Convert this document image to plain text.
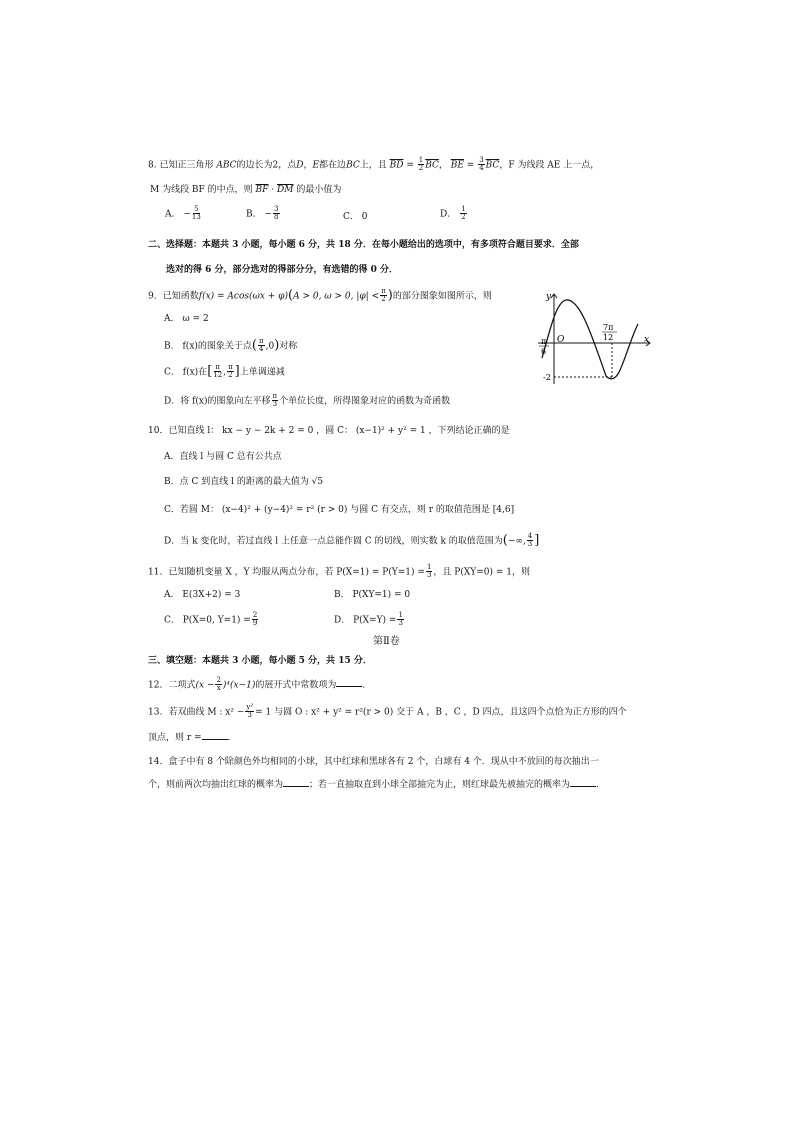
8. 已知正三角形 ABC的边长为2，点D，E都在边BC上，且 $\overline{BD} = \frac{1}{2} \overline{BC}$， $\overline{BE} = \frac{3}{4} \overline{BC}$，F 为线段 AE 上一点，
M 为线段 BF 的中点，则 $\overline{BF} \cdot \overline{DM}$ 的最小值为
A． − $\frac{5}{13}$	B． − $\frac{3}{8}$	C． 0	D． $\frac{1}{2}$
二、选择题：本题共 3 小题，每小题 6 分，共 18 分．在每小题给出的选项中，有多项符合题目要求．全部
选对的得 6 分，部分选对的得部分分，有选错的得 0 分．
9．已知函数f(x) = Acos(ωx + φ)(A > 0, ω > 0, $|\varphi| < \frac{\pi}{2}$ )的部分图象如图所示，则
A． ω = 2
B． f(x)的图象关于点( $\frac{\pi}{4} ,0$)对称
C． f(x)在[ $\frac{\pi}{12}$ , $\frac{\pi}{2}$ ]上单调递减
D．将 f(x)的图象向左平移 $\frac{\pi}{3}$ 个单位长度，所得图象对应的函数为奇函数
y
x
O
π
6
7π
12
-2
10．已知直线 l： kx − y − 2k + 2 = 0 ，圆 C： (x−1)² + y² = 1 ，下列结论正确的是
A．直线 l 与圆 C 总有公共点
B．点 C 到直线 l 的距离的最大值为 √5
C．若圆 M： (x−4)² + (y−4)² = r² (r > 0) 与圆 C 有交点，则 r 的取值范围是 [4,6]
D．当 k 变化时，若过直线 l 上任意一点总能作圆 C 的切线，则实数 k 的取值范围为(−∞, $\frac{4}{3}$ ]
11．已知随机变量 X ，Y 均服从两点分布，若 $P(X=1) = P(Y=1) = \frac{1}{3}$ ，且 P(XY=0) = 1，则
A． E(3X+2) = 3	B． P(XY=1) = 0
C． P(X=0, $Y=1) = \frac{2}{9}$	D． $P(X=Y) = \frac{1}{3}$
第Ⅱ卷
三、填空题：本题共 3 小题，每小题 5 分，共 15 分．
12．二项式$(x - \frac{2}{x} )^4(x-1)$的展开式中常数项为	．
13．若双曲线 M : $x^2 - \frac{\text{y²}}{3} = 1$ 与圆 O : x² + y² = r²(r > 0) 交于 A ，B ，C ，D 四点，且这四个点恰为正方形的四个
顶点，则 r =	．
14．盒子中有 8 个除颜色外均相同的小球，其中红球和黑球各有 2 个，白球有 4 个．现从中不放回的每次抽出一
个，则前两次均抽出红球的概率为	；若一直抽取直到小球全部抽完为止，则红球最先被抽完的概率为	．
